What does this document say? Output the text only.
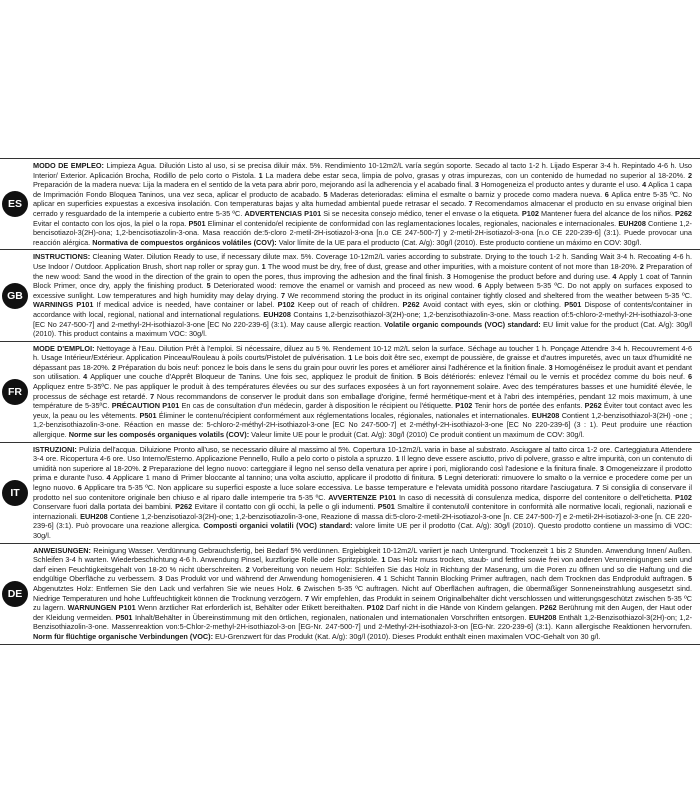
ES

MODO DE EMPLEO: Limpieza Agua. Dilución Listo al uso, si se precisa diluir máx. 5%. Rendimiento 10-12m2/L varía según soporte. Secado al tacto 1-2 h. Lijado Esperar 3-4 h. Repintado 4-6 h. Uso Interior/ Exterior. Aplicación Brocha, Rodillo de pelo corto o Pistola. 1 La madera debe estar seca, limpia de polvo, grasas y otras impurezas, con un contenido de humedad no superior al 18-20%. 2 Preparación de la madera nueva: Lija la madera en el sentido de la veta para abrir poro, mejorando así la adherencia y el acabado final. 3 Homogeneiza el producto antes y durante el uso. 4 Aplica 1 capa de Imprimación Fondo Bloquea Taninos, una vez seca, aplicar el producto de acabado. 5 Maderas deterioradas: elimina el esmalte o barniz y procede como madera nueva. 6 Aplica entre 5-35 ºC. No aplicar en superficies expuestas a excesiva insolación. Con temperaturas bajas y alta humedad ambiental puede retrasar el secado. 7 Recomendamos almacenar el producto en su envase original bien cerrado y resguardado de la intemperie a cubierto entre 5-35 ºC. ADVERTENCIAS P101 Si se necesita consejo médico, tener el envase o la etiqueta. P102 Mantener fuera del alcance de los niños. P262 Evitar el contacto con los ojos, la piel o la ropa. P501 Eliminar el contenido/el recipiente de conformidad con las reglamentaciones locales, regionales, nacionales e internacionales. EUH208 Contiene 1,2-bencisotiazol-3(2H)-ona; 1,2-bencisotiazolin-3-ona. Masa reacción de:5-cloro 2-metil-2H-isotiazol-3-ona [n.o CE 247-500-7] y 2-metil-2H-isotiazol-3-ona [n.o CE 220-239-6] (3:1). Puede provocar una reacción alérgica. Normativa de compuestos orgánicos volátiles (COV): Valor límite de la UE para el producto (Cat. A/g): 30g/l (2010). Este producto contiene un máximo en COV: 30g/l.

GB

INSTRUCTIONS: Cleaning Water. Dilution Ready to use, if necessary dilute max. 5%. Coverage 10-12m2/L varies according to substrate. Drying to the touch 1-2 h. Sanding Wait 3-4 h. Recoating 4-6 h. Use Indoor / Outdoor. Application Brush, short nap roller or spray gun. 1 The wood must be dry, free of dust, grease and other impurities, with a moisture content of not more than 18-20%. 2 Preparation of the new wood: Sand the wood in the direction of the grain to open the pores, thus improving the adhesion and the final finish. 3 Homogenise the product before and during use. 4 Apply 1 coat of Tannin Block Primer, once dry, apply the finishing product. 5 Deteriorated wood: remove the enamel or varnish and proceed as new wood. 6 Apply between 5-35 ºC. Do not apply on surfaces exposed to excessive sunlight. Low temperatures and high humidity may delay drying. 7 We recommend storing the product in its original container tightly closed and sheltered from the weather between 5-35 ºC. WARNINGS P101 If medical advice is needed, have container or label. P102 Keep out of reach of children. P262 Avoid contact with eyes, skin or clothing. P501 Dispose of contents/container in accordance with local, regional, national and international regulations. EUH208 Contains 1,2-benzisothiazol-3(2H)-one; 1,2-benzisothiazolin-3-one. Mass reaction of:5-chloro-2-methyl-2H-isothiazol-3-one [EC No 247-500-7] and 2-methyl-2H-isothiazol-3-one [EC No 220-239-6] (3:1). May cause allergic reaction. Volatile organic compounds (VOC) standard: EU limit value for the product (Cat. A/g): 30g/l (2010). This product contains a maximum VOC: 30g/l.

FR

MODE D'EMPLOI: Nettoyage à l'Eau. Dilution Prêt à l'emploi. Si nécessaire, diluez au 5 %. Rendement 10-12 m2/L selon la surface. Séchage au toucher 1 h. Ponçage Attendre 3-4 h. Recouvrement 4-6 h. Usage Intérieur/Extérieur. Application Pinceau/Rouleau à poils courts/Pistolet de pulvérisation. 1 Le bois doit être sec, exempt de poussière, de graisse et d'autres impuretés, avec un taux d'humidité ne dépassant pas 18-20%. 2 Préparation du bois neuf: poncez le bois dans le sens du grain pour ouvrir les pores et améliorer ainsi l'adhérence et la finition finale. 3 Homogénéisez le produit avant et pendant son utilisation. 4 Appliquer une couche d'Apprêt Bloqueur de Tanins. Une fois sec, appliquez le produit de finition. 5 Bois détériorés: enlevez l'émail ou le vernis et procédez comme du bois neuf. 6 Appliquez entre 5-35ºC. Ne pas appliquer le produit à des températures élevées ou sur des surfaces exposées à un fort rayonnement solaire. Avec des températures basses et une humidité élevée, le processus de séchage est retardé. 7 Nous recommandons de conserver le produit dans son emballage d'origine, fermé hermétique-ment et à l'abri des intempéries, pendant 12 mois maximum, à une température de 5-35ºC. PRÉCAUTION P101 En cas de consultation d'un médecin, garder à disposition le récipient ou l'étiquette. P102 Tenir hors de portée des enfants. P262 Éviter tout contact avec les yeux, la peau ou les vêtements. P501 Éliminer le contenu/récipient conformément aux réglementations locales, régionales, nationales et internationales. EUH208 Contient 1,2-benzisothiazol-3(2H) -one ; 1,2-benzisothiazolin-3-one. Réaction en masse de: 5-chloro-2-méthyl-2H-isothiazol-3-one [EC No 247-500-7] et 2-méthyl-2H-isothiazol-3-one [EC No 220-239-6] (3 : 1). Peut produire une réaction allergique. Norme sur les composés organiques volatils (COV): Valeur limite UE pour le produit (Cat. A/g): 30g/l (2010) Ce produit contient un maximum de COV: 30g/l.

IT

ISTRUZIONI: Pulizia dell'acqua. Diluizione Pronto all'uso, se necessario diluire al massimo al 5%. Copertura 10-12m2/L varia in base al substrato. Asciugare al tatto circa 1-2 ore. Carteggiatura Attendere 3-4 ore. Ricopertura 4-6 ore. Uso Interno/Esterno. Applicazione Pennello, Rullo a pelo corto o pistola a spruzzo. 1 Il legno deve essere asciutto, privo di polvere, grasso e altre impurità, con un contenuto di umidità non superiore al 18-20%. 2 Preparazione del legno nuovo: carteggiare il legno nel senso della venatura per aprire i pori, migliorando così l'adesione e la finitura finale. 3 Omogeneizzare il prodotto prima e durante l'uso. 4 Applicare 1 mano di Primer bloccante al tannino; una volta asciutto, applicare il prodotto di finitura. 5 Legni deteriorati: rimuovere lo smalto o la vernice e procedere come per un legno nuovo. 6 Applicare tra 5-35 ºC. Non applicare su superfici esposte a luce solare eccessiva. Le basse temperature e l'elevata umidità possono ritardare l'asciugatura. 7 Si consiglia di conservare il prodotto nel suo contenitore originale ben chiuso e al riparo dalle intemperie tra 5-35 ºC. AVVERTENZE P101 In caso di necessità di consulenza medica, disporre del contenitore o dell'etichetta. P102 Conservare fuori dalla portata dei bambini. P262 Evitare il contatto con gli occhi, la pelle o gli indumenti. P501 Smaltire il contenuto/il contenitore in conformità alle normative locali, regionali, nazionali e internazionali. EUH208 Contiene 1,2-benzisotiazol-3(2H)-one; 1,2-benzisotiazolin-3-one, Reazione di massa di:5-cloro-2-metil-2H-isotiazol-3-one [n. CE 247-500-7] e 2-metil-2H-isotiazol-3-one [n. CE 220-239-6] (3:1). Può provocare una reazione allergica. Composti organici volatili (VOC) standard: valore limite UE per il prodotto (Cat. A/g): 30g/l (2010). Questo prodotto contiene un massimo di VOC: 30g/l.

DE

ANWEISUNGEN: Reinigung Wasser. Verdünnung Gebrauchsfertig, bei Bedarf 5% verdünnen. Ergiebigkeit 10-12m2/L variiert je nach Untergrund. Trockenzeit 1 bis 2 Stunden. Anwendung Innen/ Außen. Schleifen 3-4 h warten. Wiederbeschichtung 4-6 h. Anwendung Pinsel, kurzflorige Rolle oder Spritzpistole. 1 Das Holz muss trocken, staub- und fettfrei sowie frei von anderen Verunreinigungen sein und darf einen Feuchtigkeitsgehalt von 18-20 % nicht überschreiten. 2 Vorbereitung von neuem Holz: Schleifen Sie das Holz in Richtung der Maserung, um die Poren zu öffnen und so die Haftung und die endgültige Oberfläche zu verbessern. 3 Das Produkt vor und während der Anwendung homogenisieren. 4 1 Schicht Tannin Blocking Primer auftragen, nach dem Trocknen das Endprodukt auftragen. 5 Abgenutztes Holz: Entfernen Sie den Lack und verfahren Sie wie neues Holz. 6 Zwischen 5-35 ºC auftragen. Nicht auf Oberflächen auftragen, die übermäßiger Sonneneinstrahlung ausgesetzt sind. Niedrige Temperaturen und hohe Luftfeuchtigkeit können die Trocknung verzögern. 7 Wir empfehlen, das Produkt in seinem Originalbehälter dicht verschlossen und witterungsgeschützt zwischen 5-35 ºC zu lagern. WARNUNGEN P101 Wenn ärztlicher Rat erforderlich ist, Behälter oder Etikett bereithalten. P102 Darf nicht in die Hände von Kindern gelangen. P262 Berührung mit den Augen, der Haut oder der Kleidung vermeiden. P501 Inhalt/Behälter in Übereinstimmung mit den örtlichen, regionalen, nationalen und internationalen Vorschriften entsorgen. EUH208 Enthält 1,2-Benzisothiazol-3(2H)-on; 1,2-Benzisothiazolin-3-one. Massenreaktion von:5-Chlor-2-methyl-2H-isothiazol-3-on [EG-Nr. 247-500-7] und 2-Methyl-2H-isothiazol-3-on [EG-Nr. 220-239-6] (3:1). Kann allergische Reaktionen hervorrufen. Norm für flüchtige organische Verbindungen (VOC): EU-Grenzwert für das Produkt (Kat. A/g): 30g/l (2010). Dieses Produkt enthält einen maximalen VOC-Gehalt von 30 g/l.
